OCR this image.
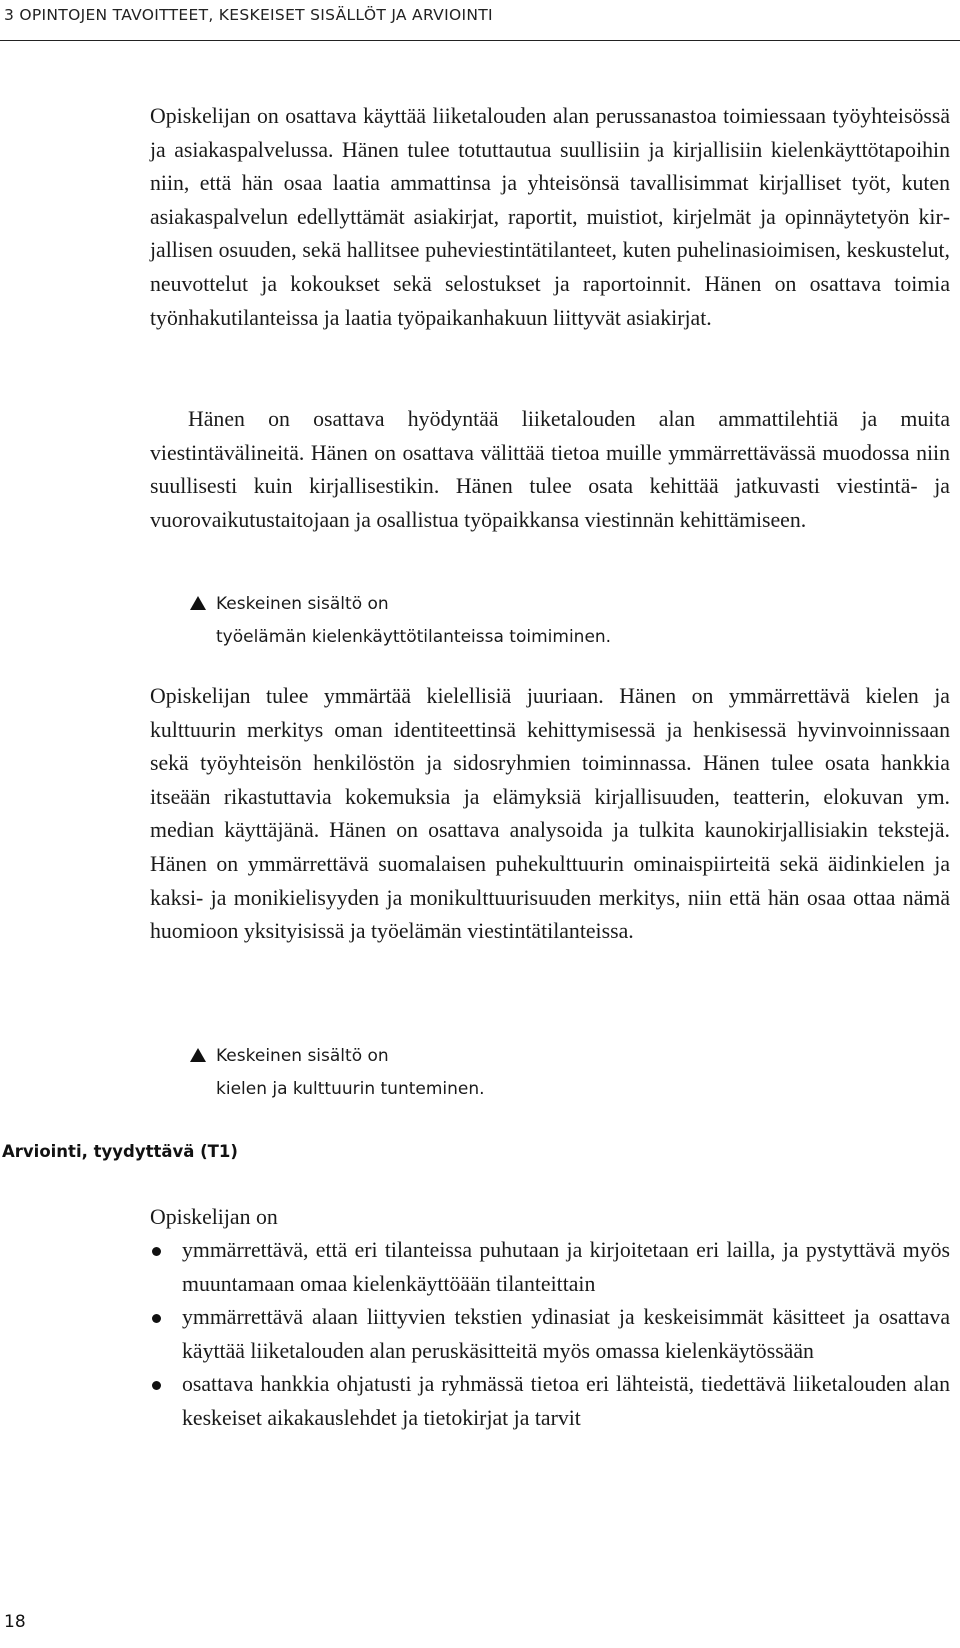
3 OPINTOJEN TAVOITTEET, KESKEISET SISÄLLÖT JA ARVIOINTI

Opiskelijan on osattava käyttää liiketalouden alan perussanastoa toimiessaan työyhteisössä ja asiakaspalvelussa. Hänen tulee totuttautua suullisiin ja kirjallisiin kielenkäyttötapoihin niin, että hän osaa laatia ammattinsa ja yhteisönsä tavallisimmat kirjalliset työt, kuten asiakaspalvelun edellyttämät asiakirjat, raportit, muistiot, kirjelmät ja opinnäytetyön kirjallisen osuuden, sekä hallitsee puheviestintätilanteet, kuten puhelinasioimisen, keskustelut, neuvottelut ja kokoukset sekä selostukset ja raportoinnit. Hänen on osattava toimia työnhakutilanteissa ja laatia työpaikanhakuun liittyvät asiakirjat.

Hänen on osattava hyödyntää liiketalouden alan ammattilehtiä ja muita viestintävälineitä. Hänen on osattava välittää tietoa muille ymmärrettävässä muodossa niin suullisesti kuin kirjallisestikin. Hänen tulee osata kehittää jatkuvasti viestintä- ja vuorovaikutustaitojaan ja osallistua työpaikkansa viestinnän kehittämiseen.

Keskeinen sisältö on
työelämän kielenkäyttötilanteissa toimiminen.

Opiskelijan tulee ymmärtää kielellisiä juuriaan. Hänen on ymmärrettävä kielen ja kulttuurin merkitys oman identiteettinsä kehittymisessä ja henkisessä hyvinvoinnissaan sekä työyhteisön henkilöstön ja sidosryhmien toiminnassa. Hänen tulee osata hankkia itseään rikastuttavia kokemuksia ja elämyksiä kirjallisuuden, teatterin, elokuvan ym. median käyttäjänä. Hänen on osattava analysoida ja tulkita kaunokirjallisiakin tekstejä. Hänen on ymmärrettävä suomalaisen puhekulttuurin ominaispiirteitä sekä äidinkielen ja kaksi- ja monikielisyyden ja monikulttuurisuuden merkitys, niin että hän osaa ottaa nämä huomioon yksityisissä ja työelämän viestintätilanteissa.

Keskeinen sisältö on
kielen ja kulttuurin tunteminen.
Arviointi, tyydyttävä (T1)
Opiskelijan on
ymmärrettävä, että eri tilanteissa puhutaan ja kirjoitetaan eri lailla, ja pystyttävä myös muuntamaan omaa kielenkäyttöään tilanteittain
ymmärrettävä alaan liittyvien tekstien ydinasiat ja keskeisimmät käsitteet ja osattava käyttää liiketalouden alan peruskäsitteitä myös omassa kielenkäytössään
osattava hankkia ohjatusti ja ryhmässä tietoa eri lähteistä, tiedettävä liiketalouden alan keskeiset aikakauslehdet ja tietokirjat ja tarvit
18
